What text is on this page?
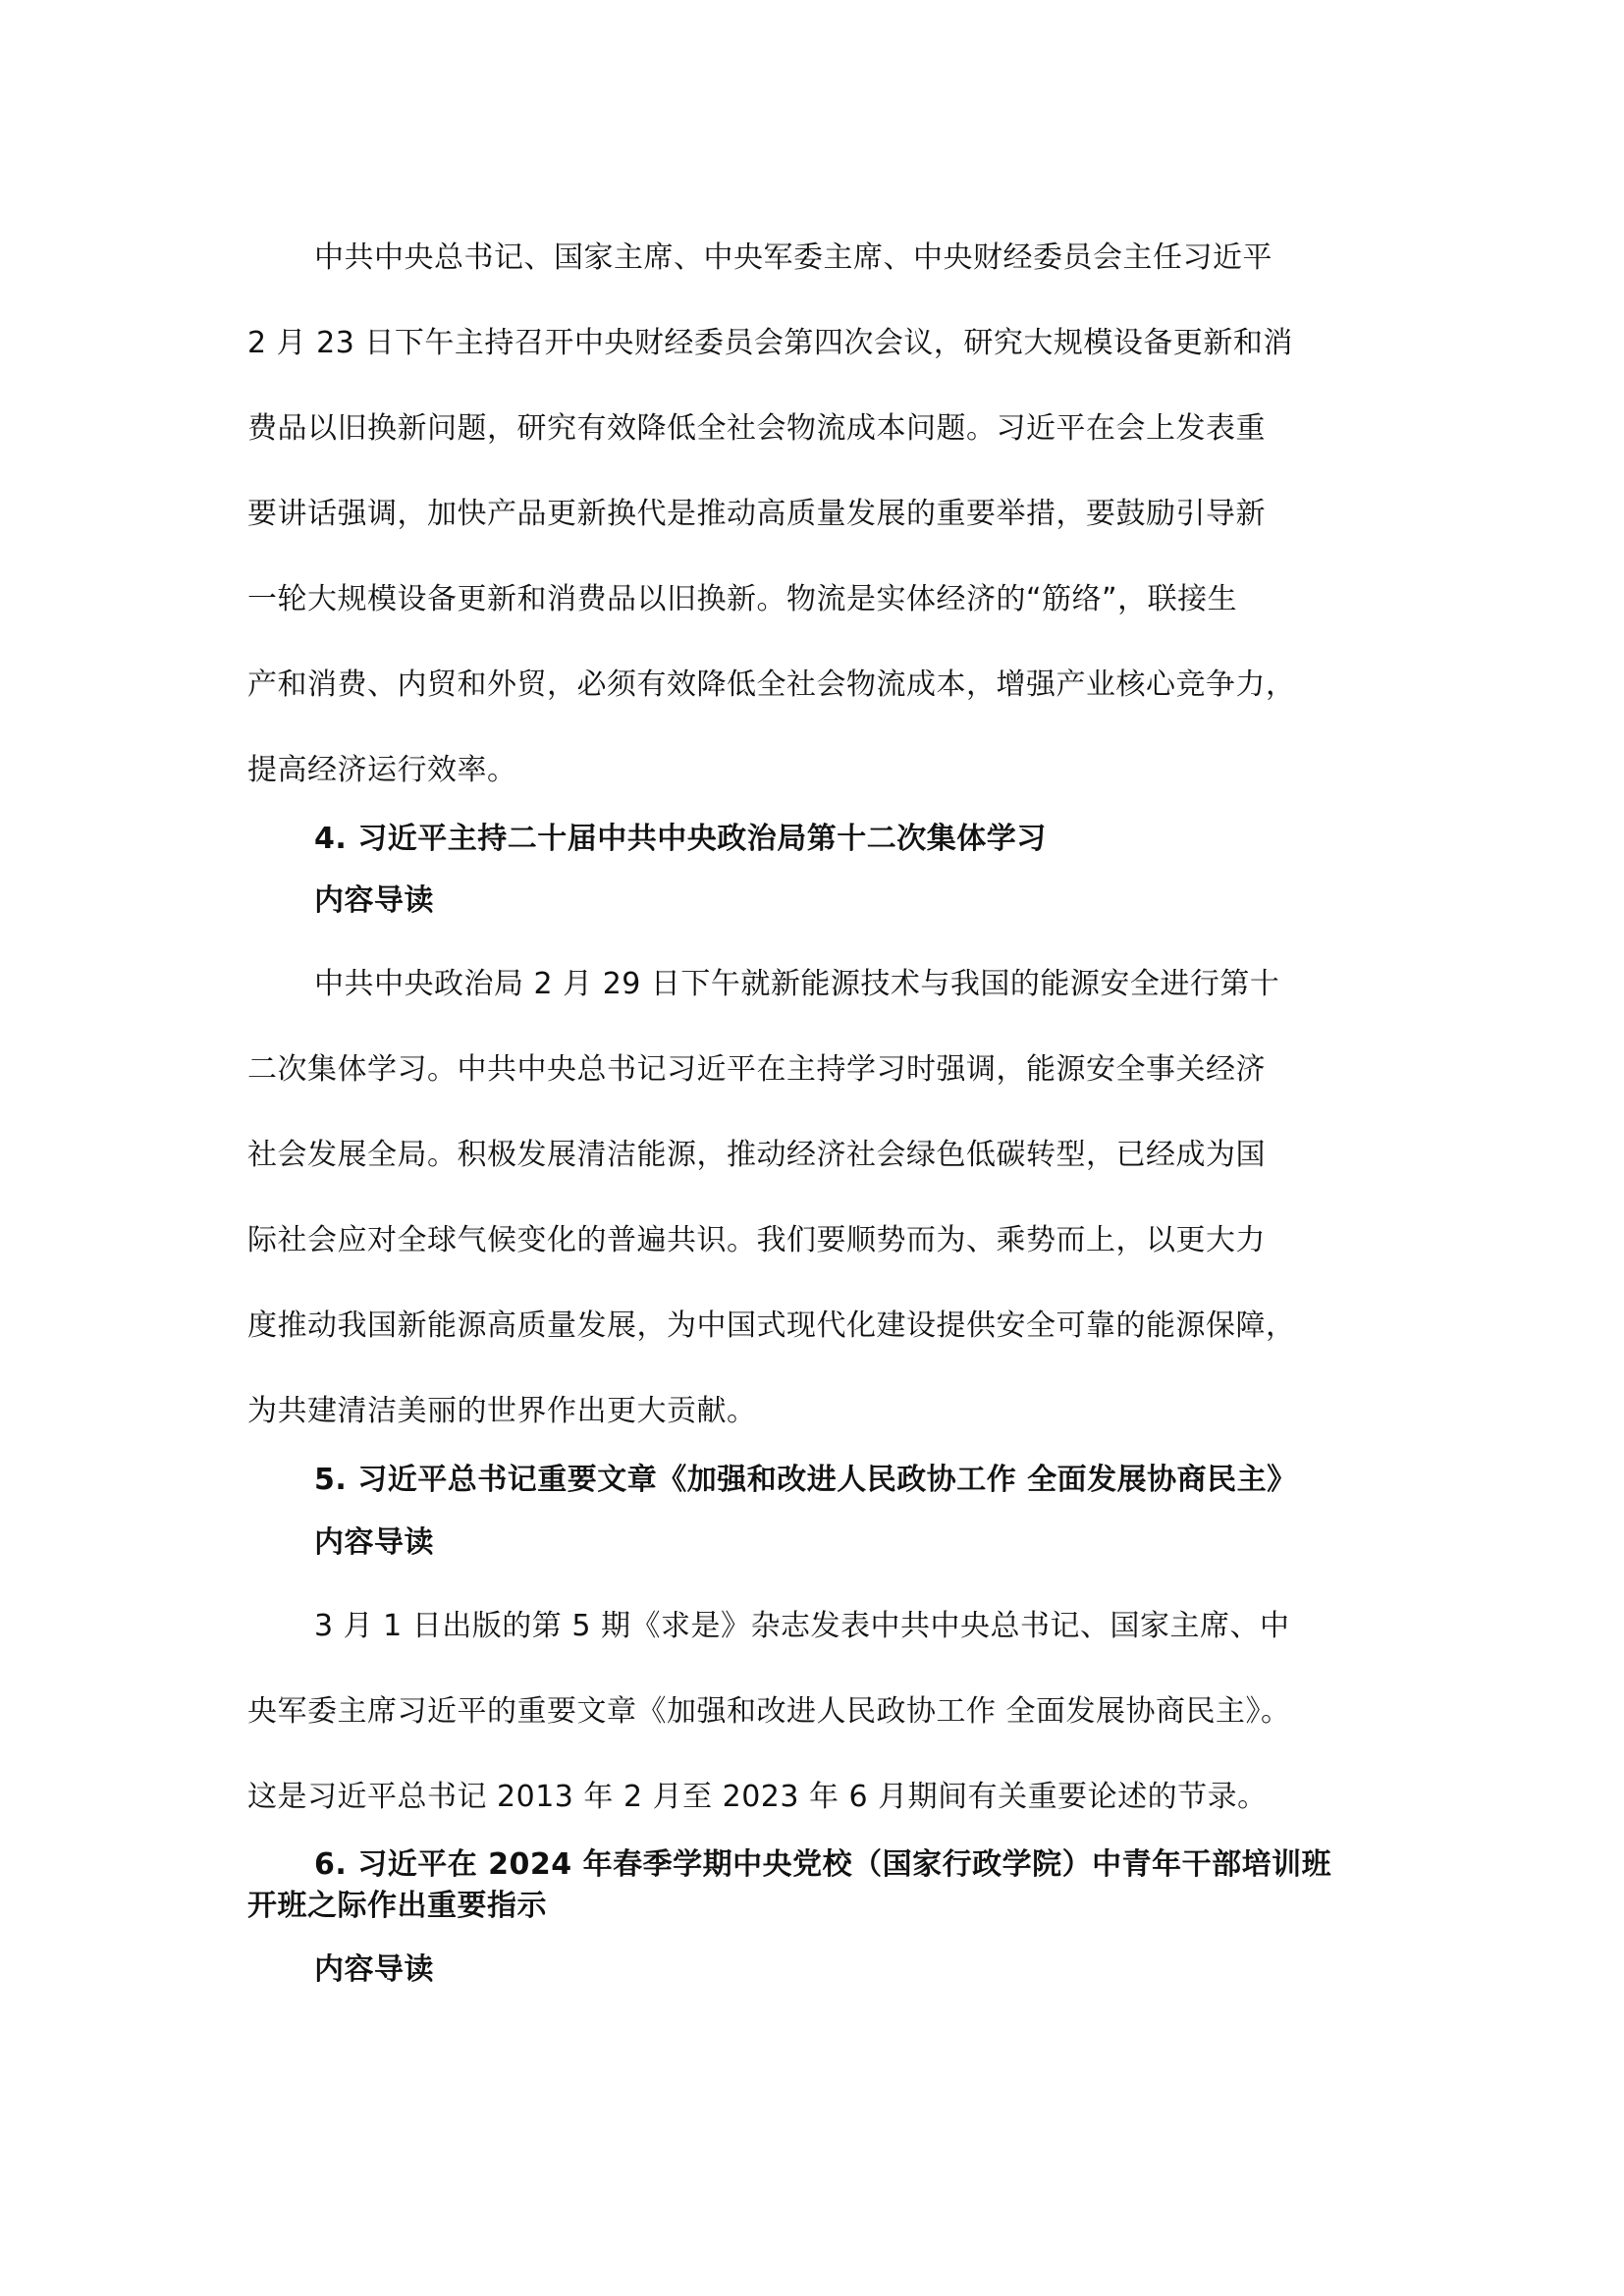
中共中央总书记、国家主席、中央军委主席、中央财经委员会主任习近平
2 月 23 日下午主持召开中央财经委员会第四次会议，研究大规模设备更新和消
费品以旧换新问题，研究有效降低全社会物流成本问题。习近平在会上发表重
要讲话强调，加快产品更新换代是推动高质量发展的重要举措，要鼓励引导新
一轮大规模设备更新和消费品以旧换新。物流是实体经济的“筋络”，联接生
产和消费、内贸和外贸，必须有效降低全社会物流成本，增强产业核心竞争力，
提高经济运行效率。
4. 习近平主持二十届中共中央政治局第十二次集体学习
内容导读
中共中央政治局 2 月 29 日下午就新能源技术与我国的能源安全进行第十
二次集体学习。中共中央总书记习近平在主持学习时强调，能源安全事关经济
社会发展全局。积极发展清洁能源，推动经济社会绿色低碳转型，已经成为国
际社会应对全球气候变化的普遍共识。我们要顺势而为、乘势而上，以更大力
度推动我国新能源高质量发展，为中国式现代化建设提供安全可靠的能源保障，
为共建清洁美丽的世界作出更大贡献。
5. 习近平总书记重要文章《加强和改进人民政协工作 全面发展协商民主》
内容导读
3 月 1 日出版的第 5 期《求是》杂志发表中共中央总书记、国家主席、中
央军委主席习近平的重要文章《加强和改进人民政协工作 全面发展协商民主》。
这是习近平总书记 2013 年 2 月至 2023 年 6 月期间有关重要论述的节录。
6. 习近平在 2024 年春季学期中央党校（国家行政学院）中青年干部培训班
开班之际作出重要指示
内容导读
